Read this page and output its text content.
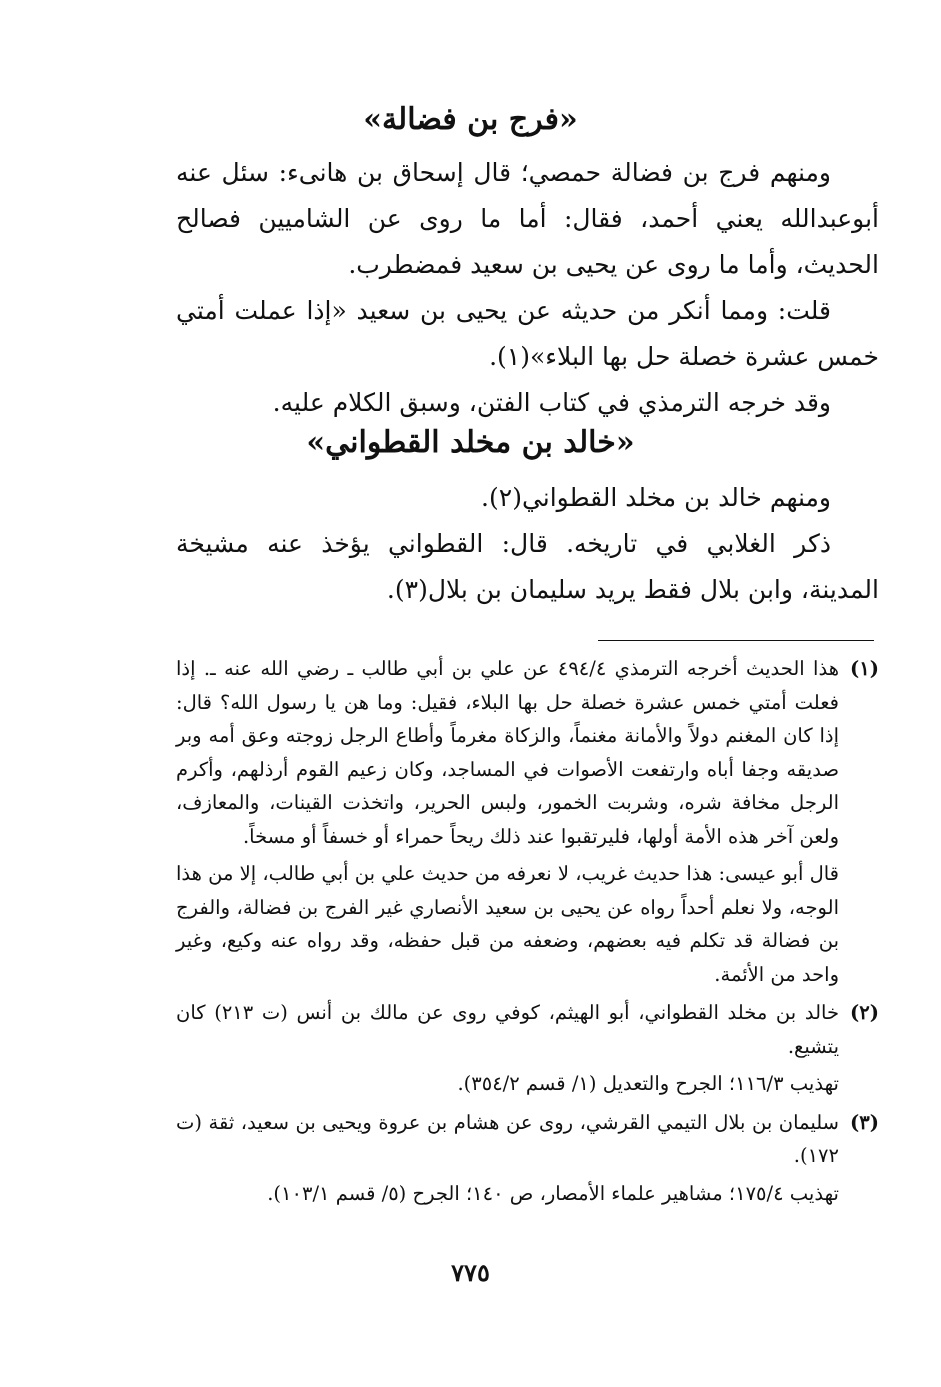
«فرج بن فضالة»

ومنهم فرج بن فضالة حمصي؛ قال إسحاق بن هانىء: سئل عنه أبوعبدالله يعني أحمد، فقال: أما ما روى عن الشاميين فصالح الحديث، وأما ما روى عن يحيى بن سعيد فمضطرب.

قلت: ومما أنكر من حديثه عن يحيى بن سعيد «إذا عملت أمتي خمس عشرة خصلة حل بها البلاء»(١).

وقد خرجه الترمذي في كتاب الفتن، وسبق الكلام عليه.

«خالد بن مخلد القطواني»

ومنهم خالد بن مخلد القطواني(٢).

ذكر الغلابي في تاريخه. قال: القطواني يؤخذ عنه مشيخة المدينة، وابن بلال فقط يريد سليمان بن بلال(٣).

(١)

هذا الحديث أخرجه الترمذي ٤٩٤/٤ عن علي بن أبي طالب ـ رضي الله عنه ـ. إذا فعلت أمتي خمس عشرة خصلة حل بها البلاء، فقيل: وما هن يا رسول الله؟ قال: إذا كان المغنم دولاً والأمانة مغنماً، والزكاة مغرماً وأطاع الرجل زوجته وعق أمه وبر صديقه وجفا أباه وارتفعت الأصوات في المساجد، وكان زعيم القوم أرذلهم، وأكرم الرجل مخافة شره، وشربت الخمور، ولبس الحرير، واتخذت القينات، والمعازف، ولعن آخر هذه الأمة أولها، فليرتقبوا عند ذلك ريحاً حمراء أو خسفاً أو مسخاً.

قال أبو عيسى: هذا حديث غريب، لا نعرفه من حديث علي بن أبي طالب، إلا من هذا الوجه، ولا نعلم أحداً رواه عن يحيى بن سعيد الأنصاري غير الفرج بن فضالة، والفرج بن فضالة قد تكلم فيه بعضهم، وضعفه من قبل حفظه، وقد رواه عنه وكيع، وغير واحد من الأئمة.

(٢)

خالد بن مخلد القطواني، أبو الهيثم، كوفي روى عن مالك بن أنس (ت ٢١٣) كان يتشيع.

تهذيب ١١٦/٣؛ الجرح والتعديل (١/ قسم ٣٥٤/٢).

(٣)

سليمان بن بلال التيمي القرشي، روى عن هشام بن عروة ويحيى بن سعيد، ثقة (ت ١٧٢).

تهذيب ١٧٥/٤؛ مشاهير علماء الأمصار، ص ١٤٠؛ الجرح (٥/ قسم ١٠٣/١).

٧٧٥
